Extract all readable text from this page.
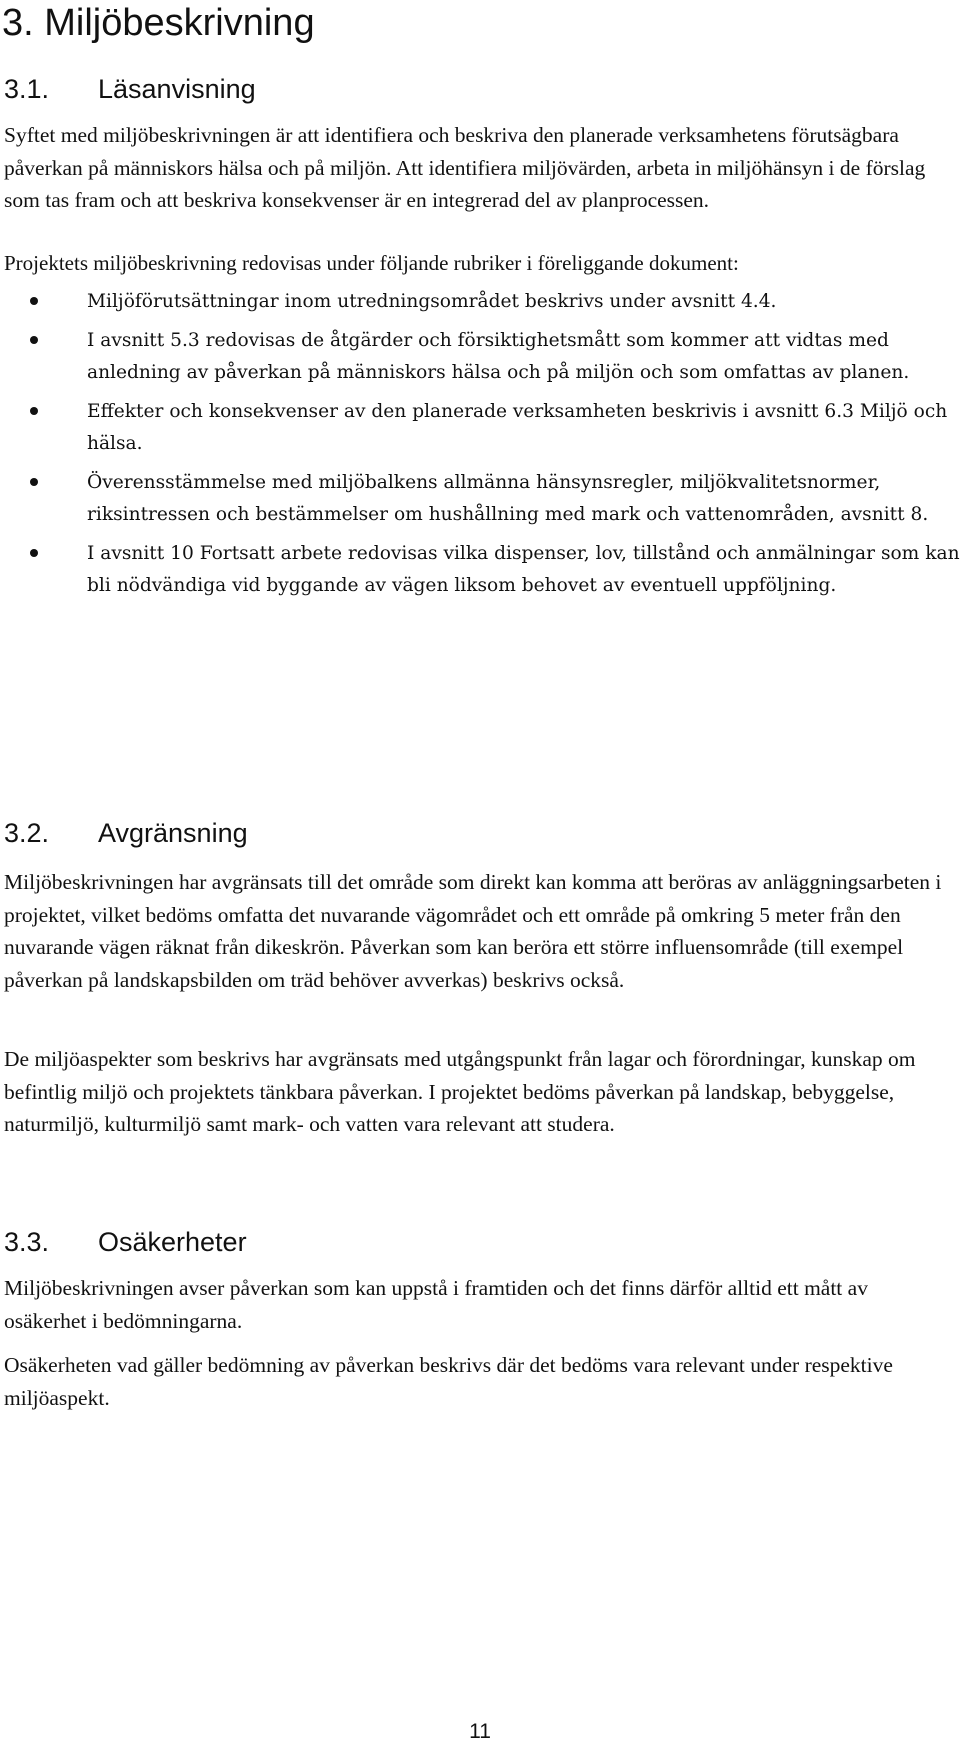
3. Miljöbeskrivning
3.1. Läsanvisning

Syftet med miljöbeskrivningen är att identifiera och beskriva den planerade verksamhetens förutsägbara påverkan på människors hälsa och på miljön. Att identifiera miljövärden, arbeta in miljöhänsyn i de förslag som tas fram och att beskriva konsekvenser är en integrerad del av planprocessen.

Projektets miljöbeskrivning redovisas under följande rubriker i föreliggande dokument:

Miljöförutsättningar inom utredningsområdet beskrivs under avsnitt 4.4.
I avsnitt 5.3 redovisas de åtgärder och försiktighetsmått som kommer att vidtas med anledning av påverkan på människors hälsa och på miljön och som omfattas av planen.
Effekter och konsekvenser av den planerade verksamheten beskrivis i avsnitt 6.3 Miljö och hälsa.
Överensstämmelse med miljöbalkens allmänna hänsynsregler, miljökvalitetsnormer, riksintressen och bestämmelser om hushållning med mark och vattenområden, avsnitt 8.
I avsnitt 10 Fortsatt arbete redovisas vilka dispenser, lov, tillstånd och anmälningar som kan bli nödvändiga vid byggande av vägen liksom behovet av eventuell uppföljning.
3.2. Avgränsning

Miljöbeskrivningen har avgränsats till det område som direkt kan komma att beröras av anläggningsarbeten i projektet, vilket bedöms omfatta det nuvarande vägområdet och ett område på omkring 5 meter från den nuvarande vägen räknat från dikeskrön. Påverkan som kan beröra ett större influensområde (till exempel påverkan på landskapsbilden om träd behöver avverkas) beskrivs också.

De miljöaspekter som beskrivs har avgränsats med utgångspunkt från lagar och förordningar, kunskap om befintlig miljö och projektets tänkbara påverkan. I projektet bedöms påverkan på landskap, bebyggelse, naturmiljö, kulturmiljö samt mark- och vatten vara relevant att studera.

3.3. Osäkerheter

Miljöbeskrivningen avser påverkan som kan uppstå i framtiden och det finns därför alltid ett mått av osäkerhet i bedömningarna.

Osäkerheten vad gäller bedömning av påverkan beskrivs där det bedöms vara relevant under respektive miljöaspekt.

11
